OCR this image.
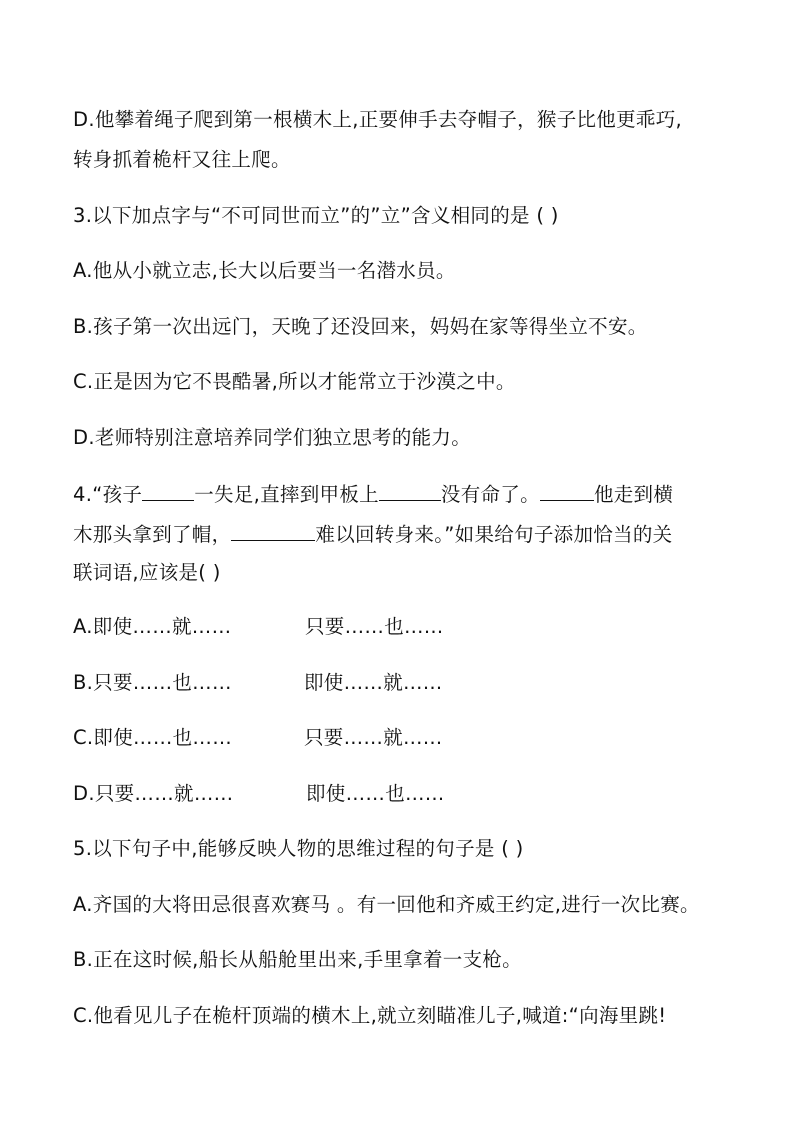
D.他攀着绳子爬到第一根横木上,正要伸手去夺帽子，猴子比他更乖巧,
转身抓着桅杆又往上爬。
3.以下加点字与“不可同世而立”的”立”含义相同的是 ( )
A.他从小就立志,长大以后要当一名潜水员。
B.孩子第一次出远门，天晚了还没回来，妈妈在家等得坐立不安。
C.正是因为它不畏酷暑,所以才能常立于沙漠之中。
D.老师特别注意培养同学们独立思考的能力。
4.“孩子	一失足,直摔到甲板上	没有命了。	他走到横
木那头拿到了帽，	难以回转身来。”如果给句子添加恰当的关
联词语,应该是( )
A.即使……就……	只要……也……
B.只要……也……	即使……就……
C.即使……也……	只要……就……
D.只要……就……	即使……也……
5.以下句子中,能够反映人物的思维过程的句子是 ( )
A.齐国的大将田忌很喜欢赛马 。有一回他和齐威王约定,进行一次比赛。
B.正在这时候,船长从船舱里出来,手里拿着一支枪。
C.他看见儿子在桅杆顶端的横木上,就立刻瞄准儿子,喊道:“向海里跳!
